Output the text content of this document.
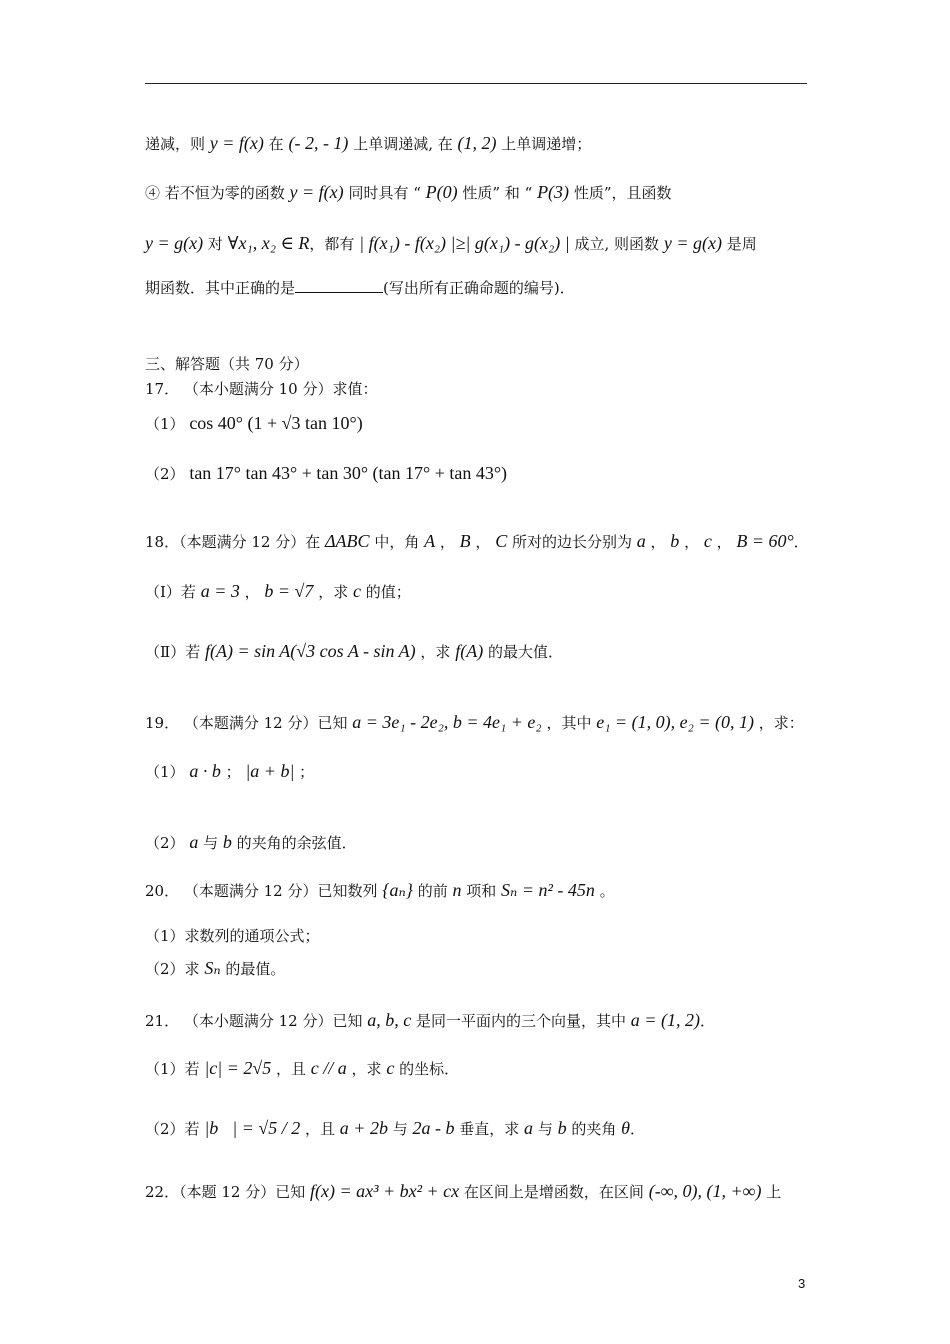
递减，则 y = f(x) 在 (- 2, - 1) 上单调递减, 在 (1, 2) 上单调递增；
④ 若不恒为零的函数 y = f(x) 同时具有 “ P(0) 性质” 和 “ P(3) 性质”，且函数
y = g(x) 对 ∀x₁, x₂ ∈ R，都有 | f(x₁) - f(x₂) |≥| g(x₁) - g(x₂) | 成立, 则函数 y = g(x) 是周
期函数．其中正确的是	(写出所有正确命题的编号)．
三、解答题（共 70 分）
17． （本小题满分 10 分）求值：
（1） cos 40° (1 + √3 tan 10°)
（2） tan 17° tan 43° + tan 30° (tan 17° + tan 43°)
18．（本题满分 12 分）在 ΔABC 中，角 A ， B ， C 所对的边长分别为 a ， b ， c ， B = 60°．
（Ⅰ）若 a = 3 ， b = √7 ，求 c 的值；
（Ⅱ）若 f(A) = sin A(√3 cos A - sin A) ，求 f(A) 的最大值．
19． （本题满分 12 分）已知 a = 3e₁ - 2e₂, b = 4e₁ + e₂ ，其中 e₁ = (1, 0), e₂ = (0, 1) ，求：
（1） a · b ； |a + b| ；
（2） a 与 b 的夹角的余弦值．
20． （本题满分 12 分）已知数列 {aₙ} 的前 n 项和 Sₙ = n² - 45n 。
（1）求数列的通项公式；
（2）求 Sₙ 的最值。
21． （本小题满分 12 分）已知 a, b, c 是同一平面内的三个向量，其中 a = (1, 2)．
（1）若 |c| = 2√5 ，且 c // a ，求 c 的坐标．
（2）若 |b⃗| = √5 / 2 ，且 a + 2b 与 2a - b 垂直，求 a 与 b 的夹角 θ．
22．（本题 12 分）已知 f(x) = ax³ + bx² + cx 在区间上是增函数，在区间 (-∞, 0), (1, +∞) 上
3
